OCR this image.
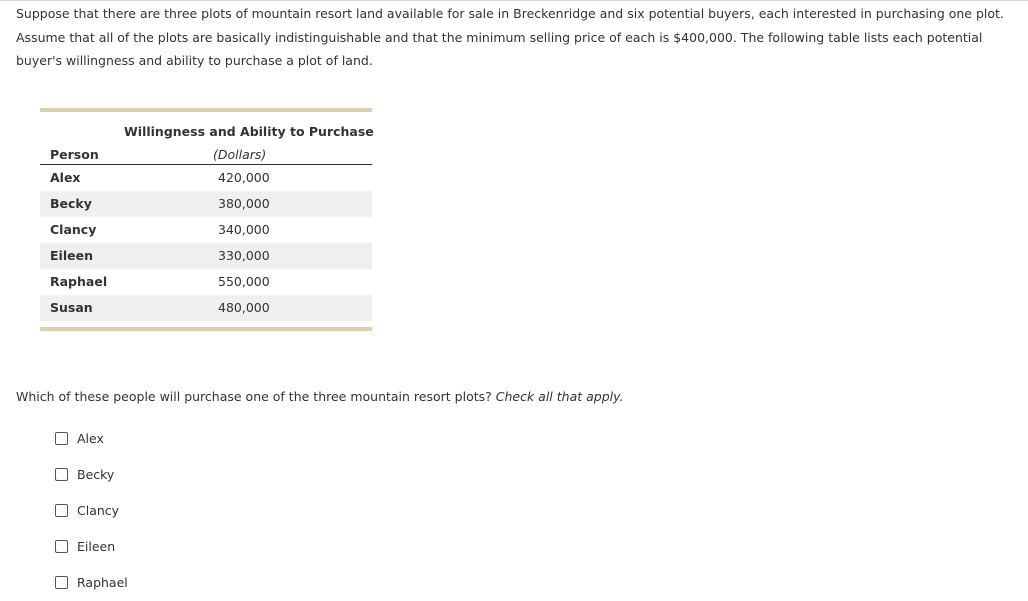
Suppose that there are three plots of mountain resort land available for sale in Breckenridge and six potential buyers, each interested in purchasing one plot. Assume that all of the plots are basically indistinguishable and that the minimum selling price of each is $400,000. The following table lists each potential buyer's willingness and ability to purchase a plot of land.

Willingness and Ability to Purchase
Person	(Dollars)
Alex	420,000
Becky	380,000
Clancy	340,000
Eileen	330,000
Raphael	550,000
Susan	480,000
Which of these people will purchase one of the three mountain resort plots? Check all that apply.
Alex
Becky
Clancy
Eileen
Raphael
